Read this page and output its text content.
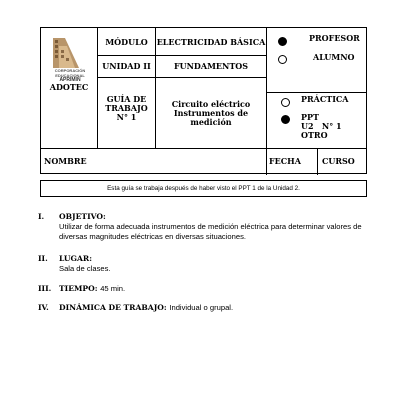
CORPORACIÓN
EDUCACIONAL
APRIMIN
ADOTEC
MÓDULO	ELECTRICIDAD BÁSICA
UNIDAD II	FUNDAMENTOS
GUÍA DE
TRABAJO
N° 1
Circuito eléctrico
Instrumentos de
medición
PROFESOR
ALUMNO
PRÁCTICA
PPT
U2   N° 1
OTRO
NOMBRE	FECHA	CURSO
Esta guía se trabaja después de haber visto el PPT 1 de la Unidad 2.
I. OBJETIVO:
Utilizar de forma adecuada instrumentos de medición eléctrica para determinar valores de diversas magnitudes eléctricas en diversas situaciones.
II. LUGAR:
Sala de clases.
III. TIEMPO: 45 min.
IV. DINÁMICA DE TRABAJO: Individual o grupal.
